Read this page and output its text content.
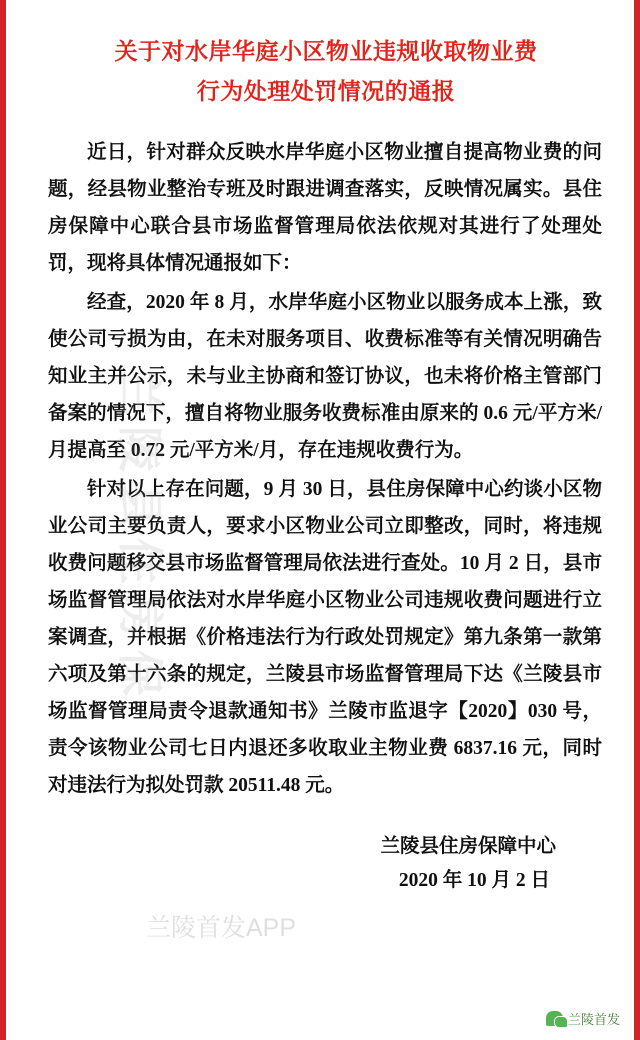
关于对水岸华庭小区物业违规收取物业费
行为处理处罚情况的通报

近日，针对群众反映水岸华庭小区物业擅自提高物业费的问题，经县物业整治专班及时跟进调查落实，反映情况属实。县住房保障中心联合县市场监督管理局依法依规对其进行了处理处罚，现将具体情况通报如下：

经查，2020 年 8 月，水岸华庭小区物业以服务成本上涨，致使公司亏损为由，在未对服务项目、收费标准等有关情况明确告知业主并公示，未与业主协商和签订协议，也未将价格主管部门备案的情况下，擅自将物业服务收费标准由原来的 0.6 元/平方米/月提高至 0.72 元/平方米/月，存在违规收费行为。

针对以上存在问题，9 月 30 日，县住房保障中心约谈小区物业公司主要负责人，要求小区物业公司立即整改，同时，将违规收费问题移交县市场监督管理局依法进行查处。10 月 2 日，县市场监督管理局依法对水岸华庭小区物业公司违规收费问题进行立案调查，并根据《价格违法行为行政处罚规定》第九条第一款第六项及第十六条的规定，兰陵县市场监督管理局下达《兰陵县市场监督管理局责令退款通知书》兰陵市监退字【2020】030 号，责令该物业公司七日内退还多收取业主物业费 6837.16 元，同时对违法行为拟处罚款 20511.48 元。

兰陵县住房保障中心
2020 年 10 月 2 日
兰陵县住房保
兰陵首发APP
兰陵首发
